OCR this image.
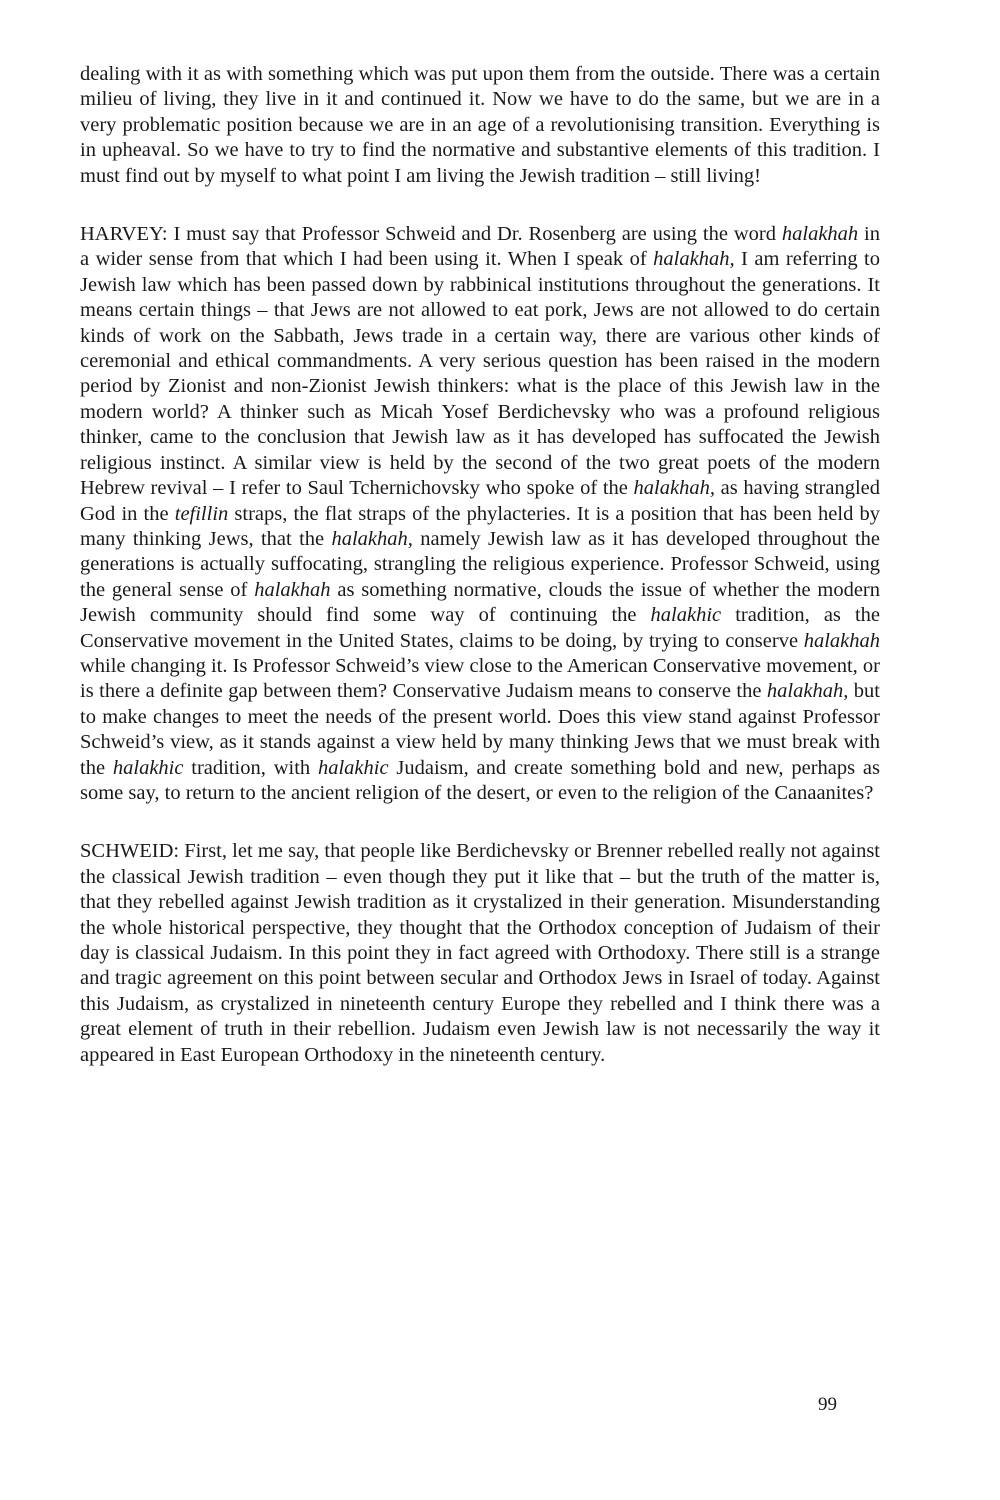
dealing with it as with something which was put upon them from the outside. There was a certain milieu of living, they live in it and continued it. Now we have to do the same, but we are in a very problematic position because we are in an age of a revolutionising transition. Everything is in upheaval. So we have to try to find the normative and substantive elements of this tradition. I must find out by myself to what point I am living the Jewish tradition – still living!

HARVEY: I must say that Professor Schweid and Dr. Rosenberg are using the word halakhah in a wider sense from that which I had been using it. When I speak of halakhah, I am referring to Jewish law which has been passed down by rabbinical institutions throughout the generations. It means certain things – that Jews are not allowed to eat pork, Jews are not allowed to do certain kinds of work on the Sabbath, Jews trade in a certain way, there are various other kinds of ceremonial and ethical commandments. A very serious question has been raised in the modern period by Zionist and non-Zionist Jewish thinkers: what is the place of this Jewish law in the modern world? A thinker such as Micah Yosef Berdichevsky who was a profound religious thinker, came to the conclusion that Jewish law as it has developed has suffocated the Jewish religious instinct. A similar view is held by the second of the two great poets of the modern Hebrew revival – I refer to Saul Tchernichovsky who spoke of the halakhah, as having strangled God in the tefillin straps, the flat straps of the phylacteries. It is a position that has been held by many thinking Jews, that the halakhah, namely Jewish law as it has developed throughout the generations is actually suffocating, strangling the religious experience. Professor Schweid, using the general sense of halakhah as something normative, clouds the issue of whether the modern Jewish community should find some way of continuing the halakhic tradition, as the Conservative movement in the United States, claims to be doing, by trying to conserve halakhah while changing it. Is Professor Schweid’s view close to the American Conservative movement, or is there a definite gap between them? Conservative Judaism means to conserve the halakhah, but to make changes to meet the needs of the present world. Does this view stand against Professor Schweid’s view, as it stands against a view held by many thinking Jews that we must break with the halakhic tradition, with halakhic Judaism, and create something bold and new, perhaps as some say, to return to the ancient religion of the desert, or even to the religion of the Canaanites?

SCHWEID: First, let me say, that people like Berdichevsky or Brenner rebelled really not against the classical Jewish tradition – even though they put it like that – but the truth of the matter is, that they rebelled against Jewish tradition as it crystalized in their generation. Misunderstanding the whole historical perspective, they thought that the Orthodox conception of Judaism of their day is classical Judaism. In this point they in fact agreed with Orthodoxy. There still is a strange and tragic agreement on this point between secular and Orthodox Jews in Israel of today. Against this Judaism, as crystalized in nineteenth century Europe they rebelled and I think there was a great element of truth in their rebellion. Judaism even Jewish law is not necessarily the way it appeared in East European Orthodoxy in the nineteenth century.

99
